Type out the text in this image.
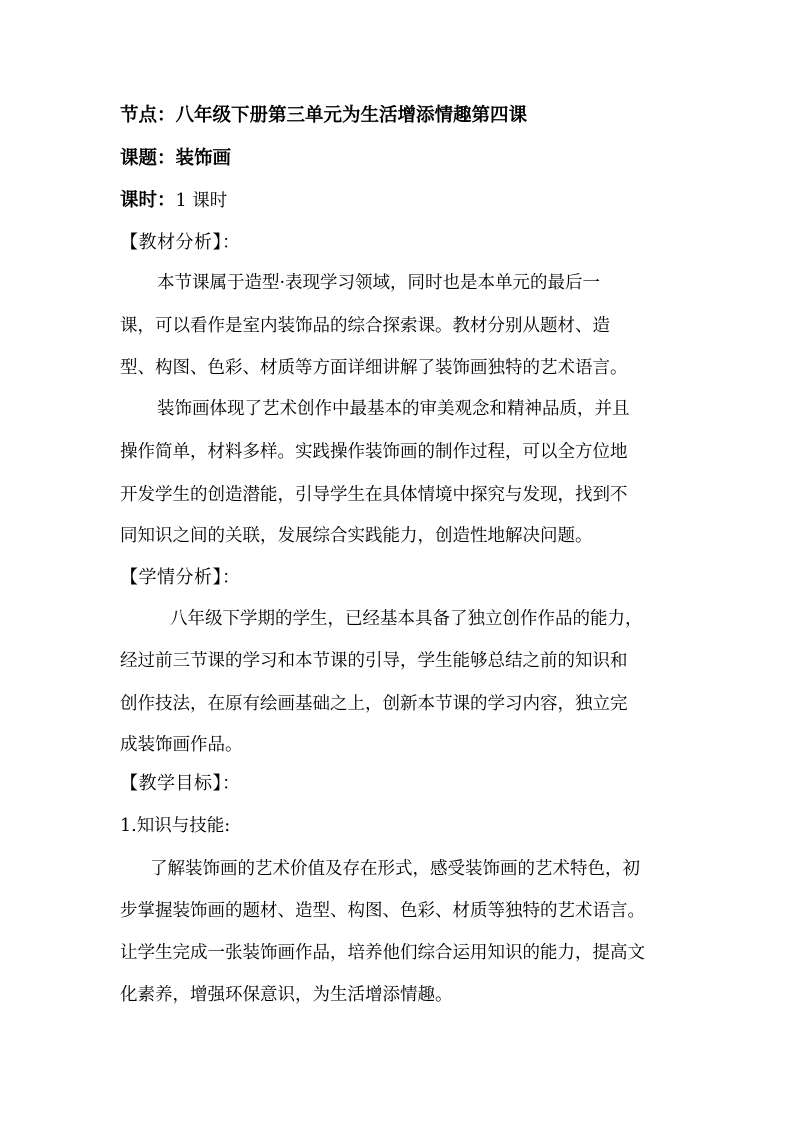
节点：八年级下册第三单元为生活增添情趣第四课
课题：装饰画
课时：1 课时
【教材分析】：
本节课属于造型·表现学习领域，同时也是本单元的最后一
课，可以看作是室内装饰品的综合探索课。教材分别从题材、造
型、构图、色彩、材质等方面详细讲解了装饰画独特的艺术语言。
装饰画体现了艺术创作中最基本的审美观念和精神品质，并且
操作简单，材料多样。实践操作装饰画的制作过程，可以全方位地
开发学生的创造潜能，引导学生在具体情境中探究与发现，找到不
同知识之间的关联，发展综合实践能力，创造性地解决问题。
【学情分析】：
八年级下学期的学生，已经基本具备了独立创作作品的能力，
经过前三节课的学习和本节课的引导，学生能够总结之前的知识和
创作技法，在原有绘画基础之上，创新本节课的学习内容，独立完
成装饰画作品。
【教学目标】：
1.知识与技能:
了解装饰画的艺术价值及存在形式，感受装饰画的艺术特色，初
步掌握装饰画的题材、造型、构图、色彩、材质等独特的艺术语言。
让学生完成一张装饰画作品，培养他们综合运用知识的能力，提高文
化素养，增强环保意识，为生活增添情趣。
